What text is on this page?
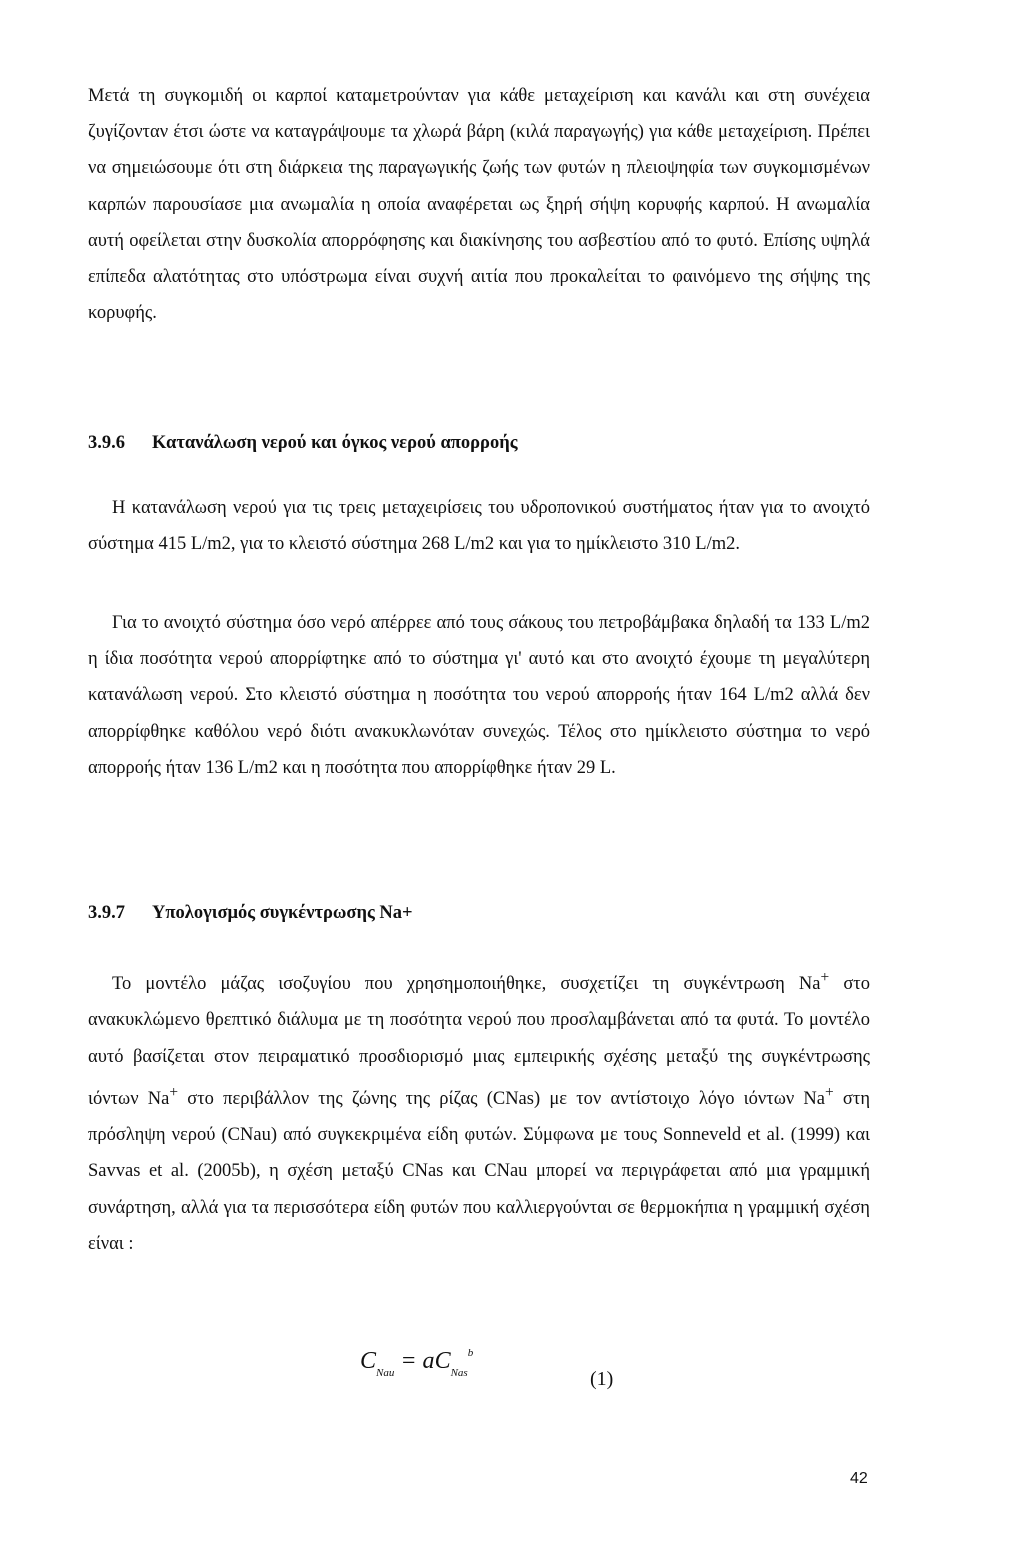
Μετά τη συγκομιδή οι καρποί καταμετρούνταν για κάθε μεταχείριση και κανάλι και στη συνέχεια ζυγίζονταν έτσι ώστε να καταγράψουμε τα χλωρά βάρη (κιλά παραγωγής) για κάθε μεταχείριση. Πρέπει να σημειώσουμε ότι στη διάρκεια της παραγωγικής ζωής των φυτών η πλειοψηφία των συγκομισμένων καρπών παρουσίασε μια ανωμαλία η οποία αναφέρεται ως ξηρή σήψη κορυφής καρπού. Η ανωμαλία αυτή οφείλεται στην δυσκολία απορρόφησης και διακίνησης του ασβεστίου από το φυτό. Επίσης υψηλά επίπεδα αλατότητας στο υπόστρωμα είναι συχνή αιτία που προκαλείται το φαινόμενο της σήψης της κορυφής.

3.9.6 Κατανάλωση νερού και όγκος νερού απορροής

Η κατανάλωση νερού για τις τρεις μεταχειρίσεις του υδροπονικού συστήματος ήταν για το ανοιχτό σύστημα 415 L/m2, για το κλειστό σύστημα 268 L/m2 και για το ημίκλειστο 310 L/m2.

Για το ανοιχτό σύστημα όσο νερό απέρρεε από τους σάκους του πετροβάμβακα δηλαδή τα 133 L/m2 η ίδια ποσότητα νερού απορρίφτηκε από το σύστημα γι' αυτό και στο ανοιχτό έχουμε τη μεγαλύτερη κατανάλωση νερού. Στο κλειστό σύστημα η ποσότητα του νερού απορροής ήταν 164 L/m2 αλλά δεν απορρίφθηκε καθόλου νερό διότι ανακυκλωνόταν συνεχώς. Τέλος στο ημίκλειστο σύστημα το νερό απορροής ήταν 136 L/m2 και η ποσότητα που απορρίφθηκε ήταν 29 L.

3.9.7 Υπολογισμός συγκέντρωσης Na+

Το μοντέλο μάζας ισοζυγίου που χρησημοποιήθηκε, συσχετίζει τη συγκέντρωση Na+ στο ανακυκλώμενο θρεπτικό διάλυμα με τη ποσότητα νερού που προσλαμβάνεται από τα φυτά. Το μοντέλο αυτό βασίζεται στον πειραματικό προσδιορισμό μιας εμπειρικής σχέσης μεταξύ της συγκέντρωσης ιόντων Na+ στο περιβάλλον της ζώνης της ρίζας (CNas) με τον αντίστοιχο λόγο ιόντων Na+ στη πρόσληψη νερού (CNau) από συγκεκριμένα είδη φυτών. Σύμφωνα με τους Sonneveld et al. (1999) και Savvas et al. (2005b), η σχέση μεταξύ CNas και CNau μπορεί να περιγράφεται από μια γραμμική συνάρτηση, αλλά για τα περισσότερα είδη φυτών που καλλιεργούνται σε θερμοκήπια η γραμμική σχέση είναι :

$C_{Nau} = aC_{Nas}^b$
(1)
42
